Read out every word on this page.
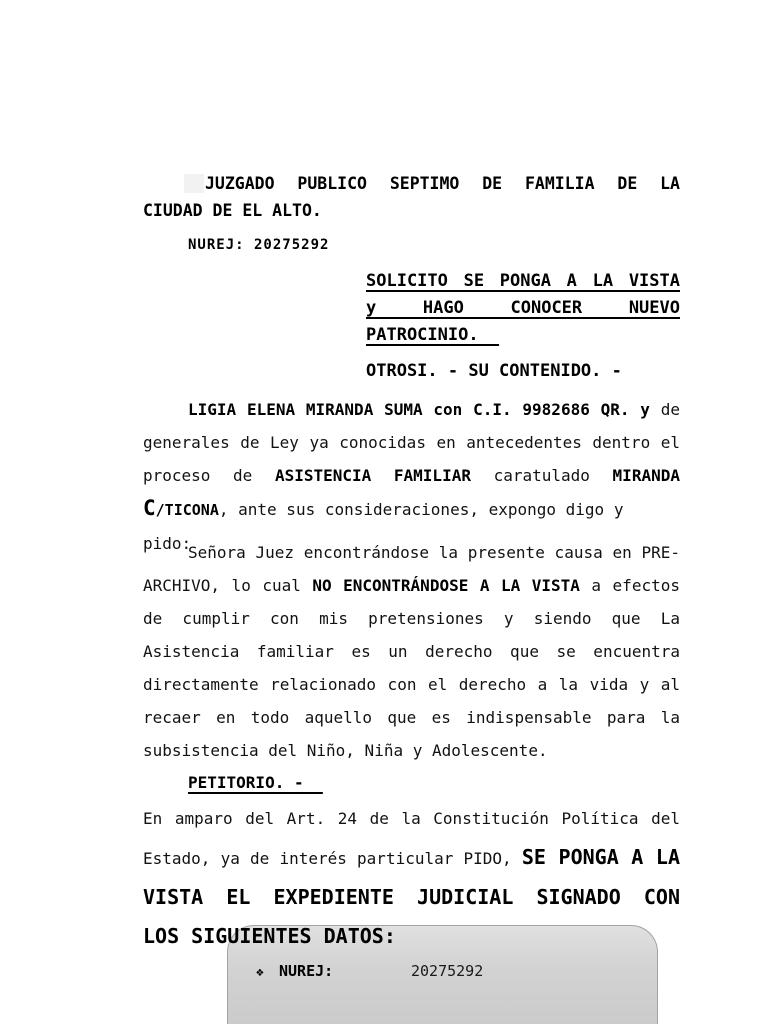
❖ NUREJ:	20275292
JUZGADO PUBLICO SEPTIMO DE FAMILIA DE LA
CIUDAD DE EL ALTO.
NUREJ: 20275292
SOLICITO SE PONGA A LA VISTA
y HAGO CONOCER NUEVO
PATROCINIO.
OTROSI. - SU CONTENIDO. -
LIGIA ELENA MIRANDA SUMA con C.I. 9982686 QR. y de
generales de Ley ya conocidas en antecedentes dentro el
proceso de ASISTENCIA FAMILIAR caratulado MIRANDA
C/TICONA, ante sus consideraciones, expongo digo y pido:
Señora Juez encontrándose la presente causa en PRE-
ARCHIVO, lo cual NO ENCONTRÁNDOSE A LA VISTA a efectos
de cumplir con mis pretensiones y siendo que La
Asistencia familiar es un derecho que se encuentra
directamente relacionado con el derecho a la vida y al
recaer en todo aquello que es indispensable para la
subsistencia del Niño, Niña y Adolescente.
PETITORIO. -
En amparo del Art. 24 de la Constitución Política del
Estado, ya de interés particular PIDO, SE PONGA A LA
VISTA EL EXPEDIENTE JUDICIAL SIGNADO CON
LOS SIGUIENTES DATOS:
